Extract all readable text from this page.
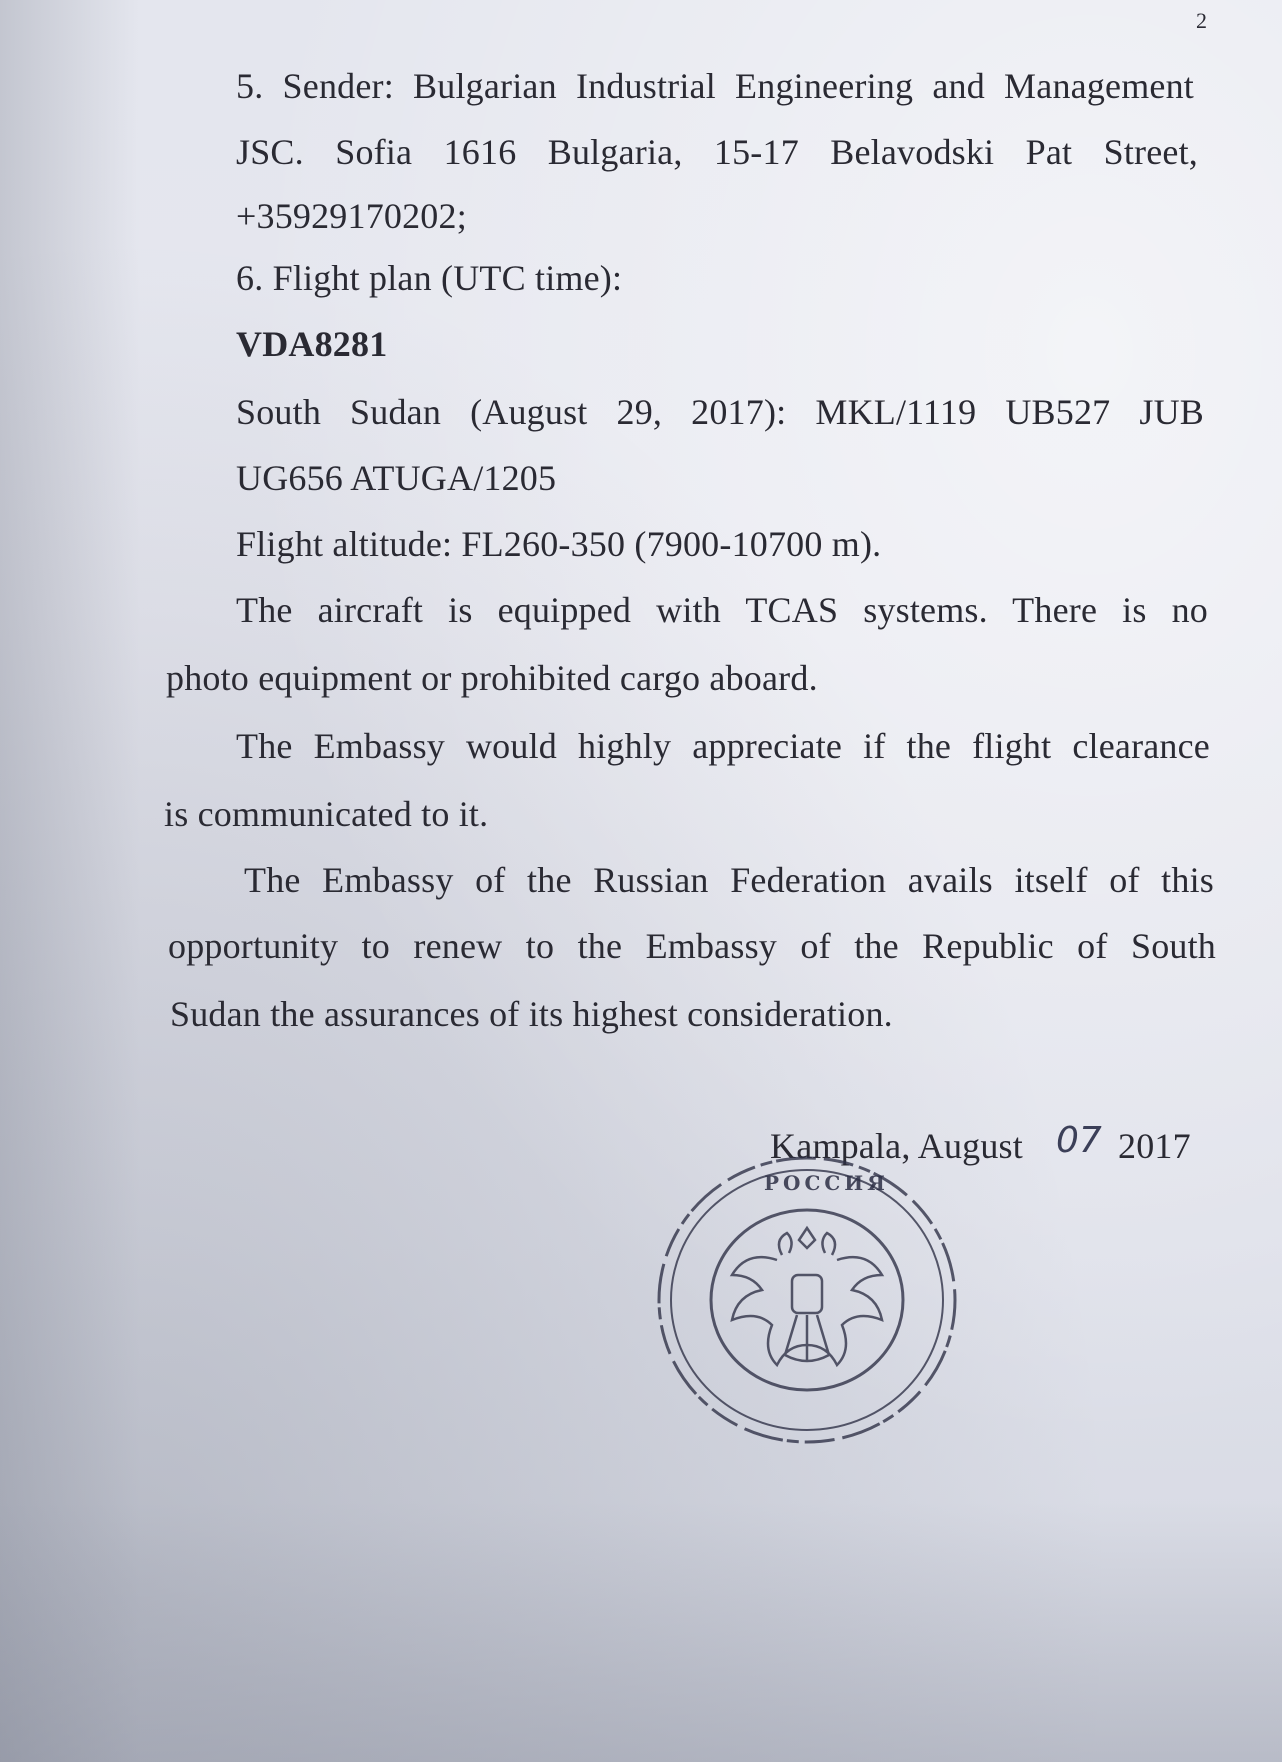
2
5. Sender: Bulgarian Industrial Engineering and Management
JSC. Sofia 1616 Bulgaria, 15-17 Belavodski Pat Street,
+35929170202;
6. Flight plan (UTC time):
VDA8281
South Sudan (August 29, 2017): MKL/1119 UB527 JUB
UG656 ATUGA/1205
Flight altitude: FL260-350 (7900-10700 m).
The aircraft is equipped with TCAS systems. There is no
photo equipment or prohibited cargo aboard.
The Embassy would highly appreciate if the flight clearance
is communicated to it.
The Embassy of the Russian Federation avails itself of this
opportunity to renew to the Embassy of the Republic of South
Sudan the assurances of its highest consideration.
Kampala, August 07 2017
РОССИЯ
